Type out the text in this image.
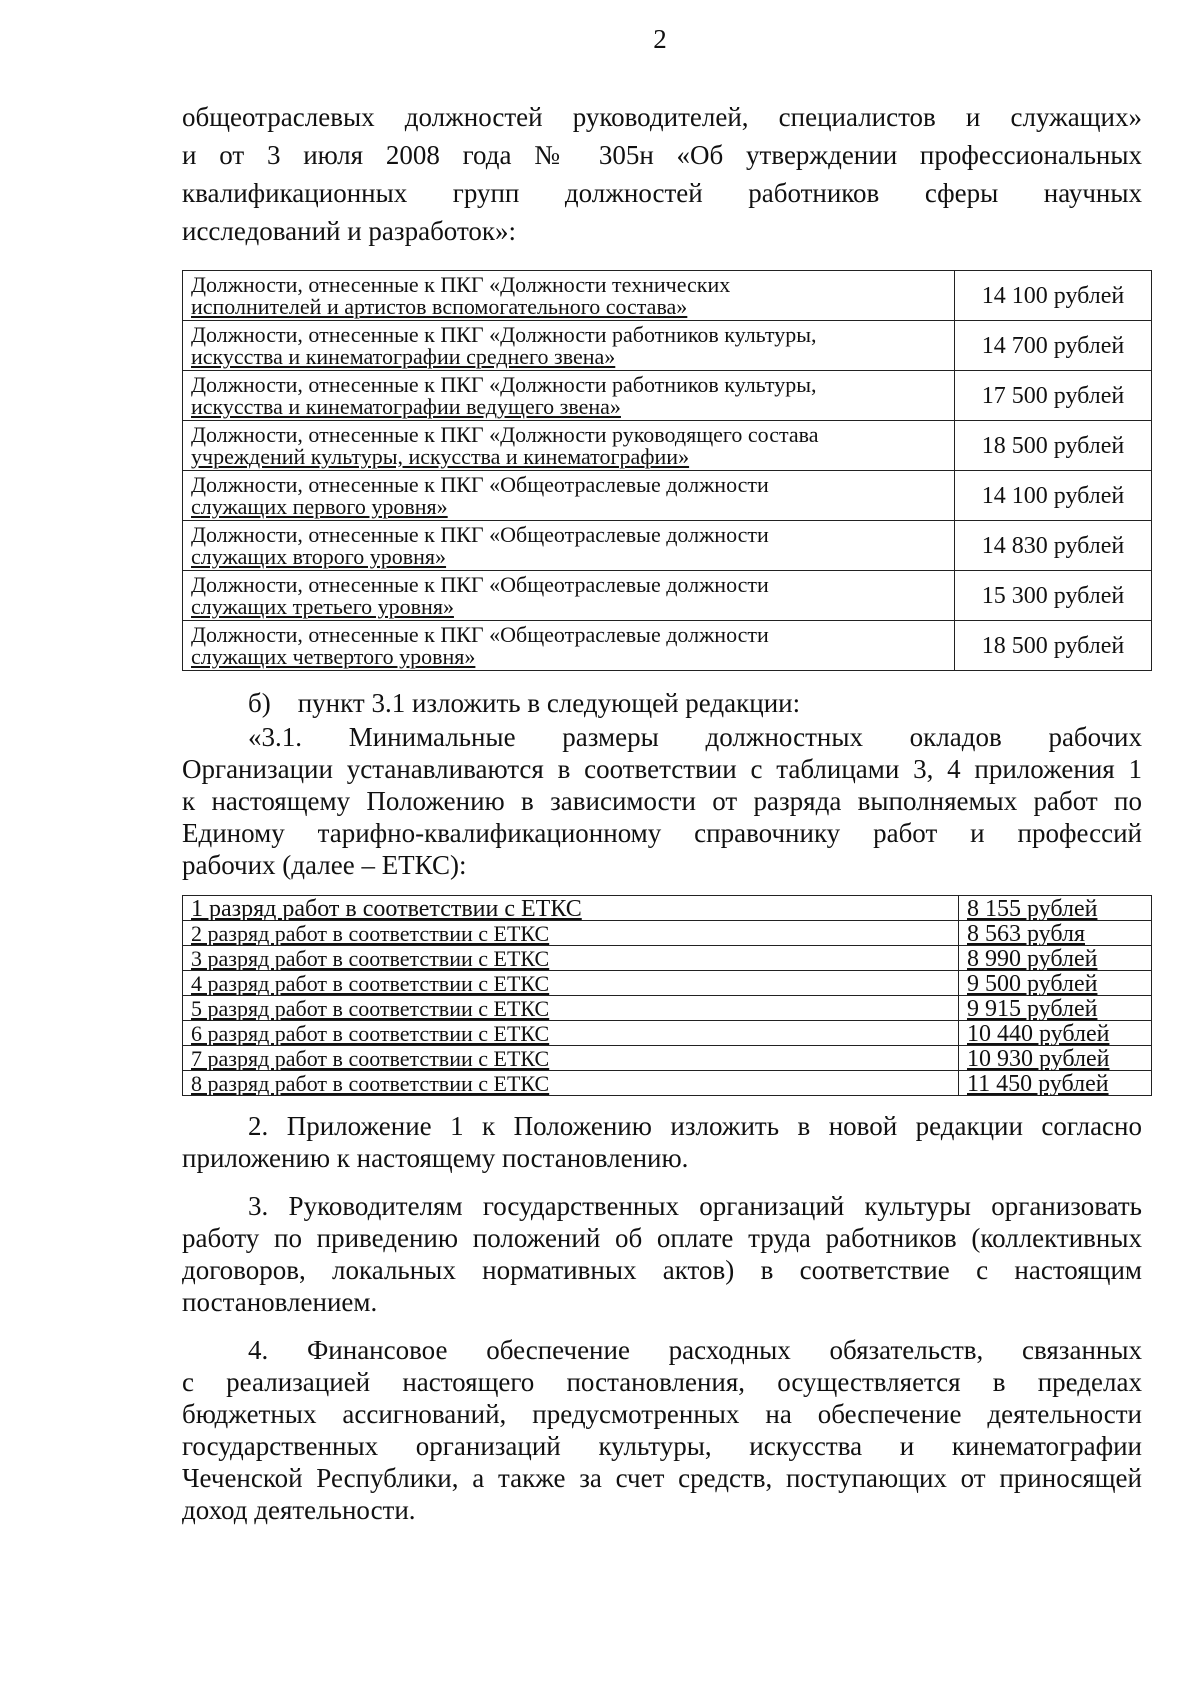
2

общеотраслевых должностей руководителей, специалистов и служащих»

и от 3 июля 2008 года № 305н «Об утверждении профессиональных

квалификационных групп должностей работников сферы научных

исследований и разработок»:

Должности, отнесенные к ПКГ «Должности технических
исполнителей и артистов вспомогательного состава»	14 100 рублей

Должности, отнесенные к ПКГ «Должности работников культуры,
искусства и кинематографии среднего звена»	14 700 рублей

Должности, отнесенные к ПКГ «Должности работников культуры,
искусства и кинематографии ведущего звена»	17 500 рублей

Должности, отнесенные к ПКГ «Должности руководящего состава
учреждений культуры, искусства и кинематографии»	18 500 рублей

Должности, отнесенные к ПКГ «Общеотраслевые должности
служащих первого уровня»	14 100 рублей

Должности, отнесенные к ПКГ «Общеотраслевые должности
служащих второго уровня»	14 830 рублей

Должности, отнесенные к ПКГ «Общеотраслевые должности
служащих третьего уровня»	15 300 рублей

Должности, отнесенные к ПКГ «Общеотраслевые должности
служащих четвертого уровня»	18 500 рублей
б) пункт 3.1 изложить в следующей редакции:
«3.1. Минимальные размеры должностных окладов рабочих
Организации устанавливаются в соответствии с таблицами 3, 4 приложения 1
к настоящему Положению в зависимости от разряда выполняемых работ по
Единому тарифно-квалификационному справочнику работ и профессий
рабочих (далее – ЕТКС):
1 разряд работ в соответствии с ЕТКС	8 155 рублей
2 разряд работ в соответствии с ЕТКС	8 563 рубля
3 разряд работ в соответствии с ЕТКС	8 990 рублей
4 разряд работ в соответствии с ЕТКС	9 500 рублей
5 разряд работ в соответствии с ЕТКС	9 915 рублей
6 разряд работ в соответствии с ЕТКС	10 440 рублей
7 разряд работ в соответствии с ЕТКС	10 930 рублей
8 разряд работ в соответствии с ЕТКС	11 450 рублей
2. Приложение 1 к Положению изложить в новой редакции согласно
приложению к настоящему постановлению.
3. Руководителям государственных организаций культуры организовать
работу по приведению положений об оплате труда работников (коллективных
договоров, локальных нормативных актов) в соответствие с настоящим
постановлением.
4. Финансовое обеспечение расходных обязательств, связанных
с реализацией настоящего постановления, осуществляется в пределах
бюджетных ассигнований, предусмотренных на обеспечение деятельности
государственных организаций культуры, искусства и кинематографии
Чеченской Республики, а также за счет средств, поступающих от приносящей
доход деятельности.
